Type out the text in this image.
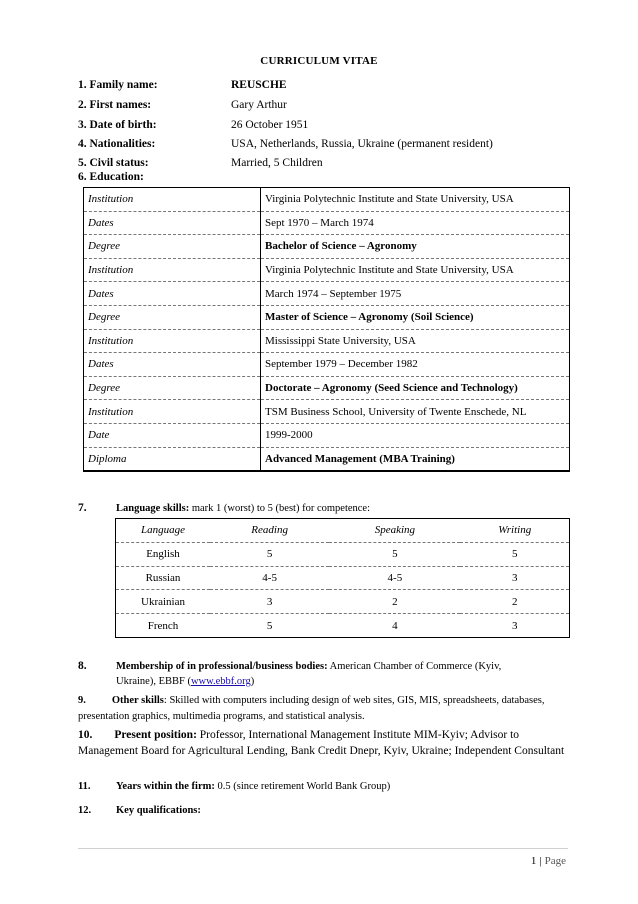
CURRICULUM VITAE
1. Family name:	REUSCHE
2. First names:	Gary Arthur
3. Date of birth:	26 October 1951
4. Nationalities:	USA, Netherlands, Russia, Ukraine (permanent resident)
5. Civil status:	Married, 5 Children
6. Education:
Institution	Virginia Polytechnic Institute and State University, USA
Dates	Sept 1970 – March 1974
Degree	Bachelor of Science – Agronomy
Institution	Virginia Polytechnic Institute and State University, USA
Dates	March 1974 – September 1975
Degree	Master of Science – Agronomy (Soil Science)
Institution	Mississippi State University, USA
Dates	September 1979 – December 1982
Degree	Doctorate – Agronomy (Seed Science and Technology)
Institution	TSM Business School, University of Twente Enschede, NL
Date	1999-2000
Diploma	Advanced Management (MBA Training)
7.	Language skills: mark 1 (worst) to 5 (best) for competence:
Language	Reading	Speaking	Writing
English	5	5	5
Russian	4-5	4-5	3
Ukrainian	3	2	2
French	5	4	3
8.	Membership of in professional/business bodies: American Chamber of Commerce (Kyiv,
Ukraine), EBBF (www.ebbf.org)
9. Other skills: Skilled with computers including design of web sites, GIS, MIS, spreadsheets, databases, presentation graphics, multimedia programs, and statistical analysis.
10. Present position: Professor, International Management Institute MIM-Kyiv; Advisor to Management Board for Agricultural Lending, Bank Credit Dnepr, Kyiv, Ukraine; Independent Consultant
11. Years within the firm: 0.5 (since retirement World Bank Group)
12. Key qualifications:
1 | Page
